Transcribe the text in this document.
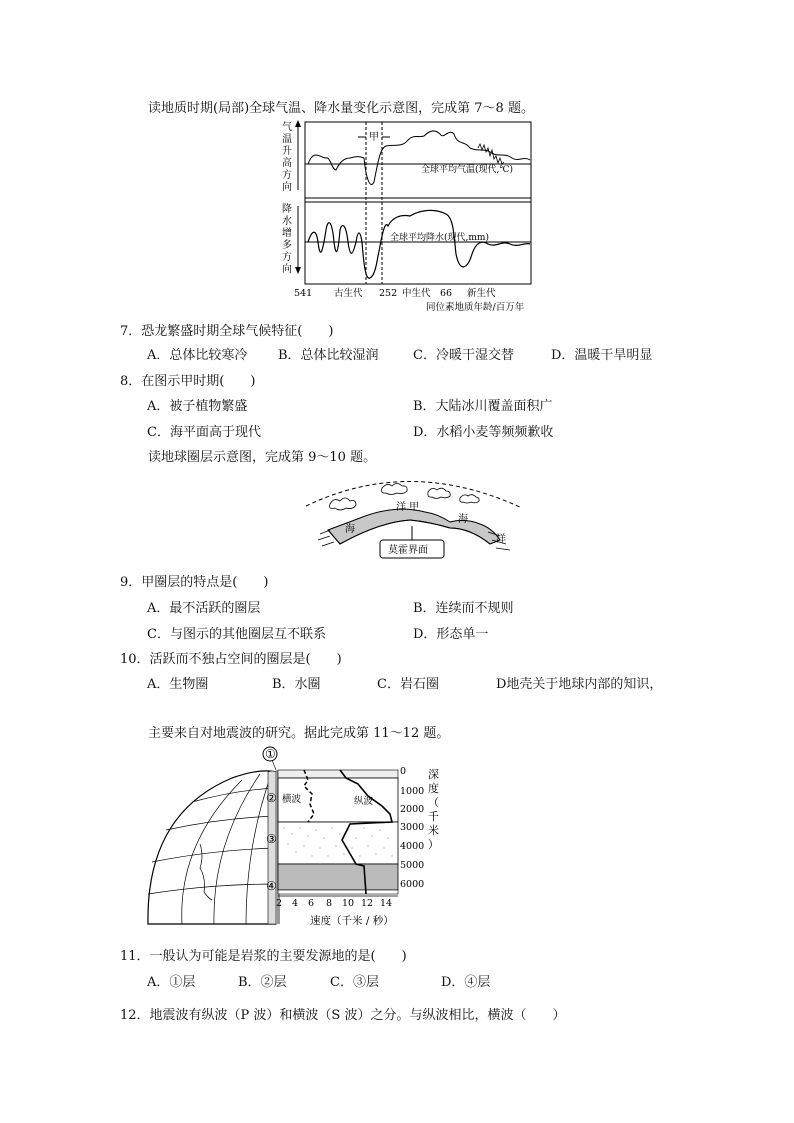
读地质时期(局部)全球气温、降水量变化示意图，完成第 7～8 题。
气
温
升
高
方
向
降
水
增
多
方
向
甲
全球平均气温(现代,℃)
全球平均降水(现代,mm)
541 古生代 252 中生代 66 新生代
同位素地质年龄/百万年
7．恐龙繁盛时期全球气候特征(　　)
A．总体比较寒冷 B．总体比较湿润	C．冷暖干湿交替	D．温暖干旱明显
8．在图示甲时期(　　)
A．被子植物繁盛	B．大陆冰川覆盖面积广
C．海平面高于现代	D．水稻小麦等频频歉收
读地球圈层示意图，完成第 9～10 题。
海
洋 甲
海
洋
莫霍界面
9．甲圈层的特点是(　　)
A．最不活跃的圈层	B．连续而不规则
C．与图示的其他圈层互不联系	D．形态单一
10．活跃而不独占空间的圈层是(　　)
A．生物圈	B．水圈	C．岩石圈	D地壳关于地球内部的知识，
主要来自对地震波的研究。据此完成第 11～12 题。
①
②
③
④
横波	纵波
0
1000
2000
3000
4000
5000
6000
深
度
（
千
米
）
2 4 6 8 10 12 14
速度（千米 / 秒）
11．一般认为可能是岩浆的主要发源地的是(　　)
A．①层	B．②层	C．③层	D．④层
12．地震波有纵波（P 波）和横波（S 波）之分。与纵波相比，横波（　　）
